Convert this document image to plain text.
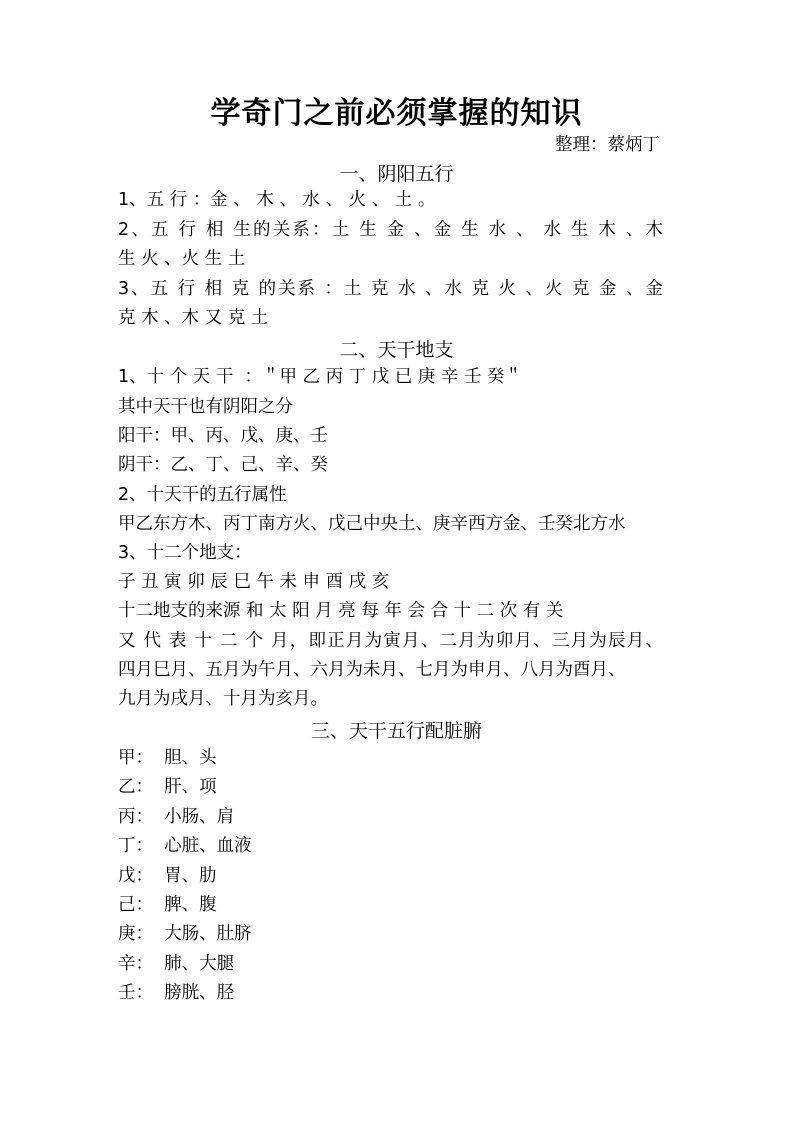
学奇门之前必须掌握的知识
整理：蔡炳丁
一、阴阳五行
1、五 行 ：金 、 木 、 水 、 火 、 土 。
2、五 行 相 生的关系：土 生 金 、金 生 水 、 水 生 木 、木
生 火 、火 生 土
3、五 行 相 克 的关系 ：土 克 水 、水 克 火 、火 克 金 、金
克 木 、木 又 克 土
二、天干地支
1、十 个 天 干  ：＂甲 乙 丙 丁 戊 已 庚 辛 壬 癸＂
其中天干也有阴阳之分
阳干：甲、丙、戊、庚、壬
阴干：乙、丁、己、辛、癸
2、十天干的五行属性
甲乙东方木、丙丁南方火、戊己中央土、庚辛西方金、壬癸北方水
3、十二个地支：
子 丑 寅 卯 辰 巳 午 未 申 酉 戌 亥
十二地支的来源 和 太 阳 月 亮 每 年 会 合 十 二 次 有 关
又 代 表 十 二 个 月，即正月为寅月、二月为卯月、三月为辰月、
四月巳月、五月为午月、六月为未月、七月为申月、八月为酉月、
九月为戌月、十月为亥月。
三、天干五行配脏腑
甲：  胆、头
乙：  肝、项
丙：  小肠、肩
丁：  心脏、血液
戊：  胃、肋
己：  脾、腹
庚：  大肠、肚脐
辛：  肺、大腿
壬：  膀胱、胫
